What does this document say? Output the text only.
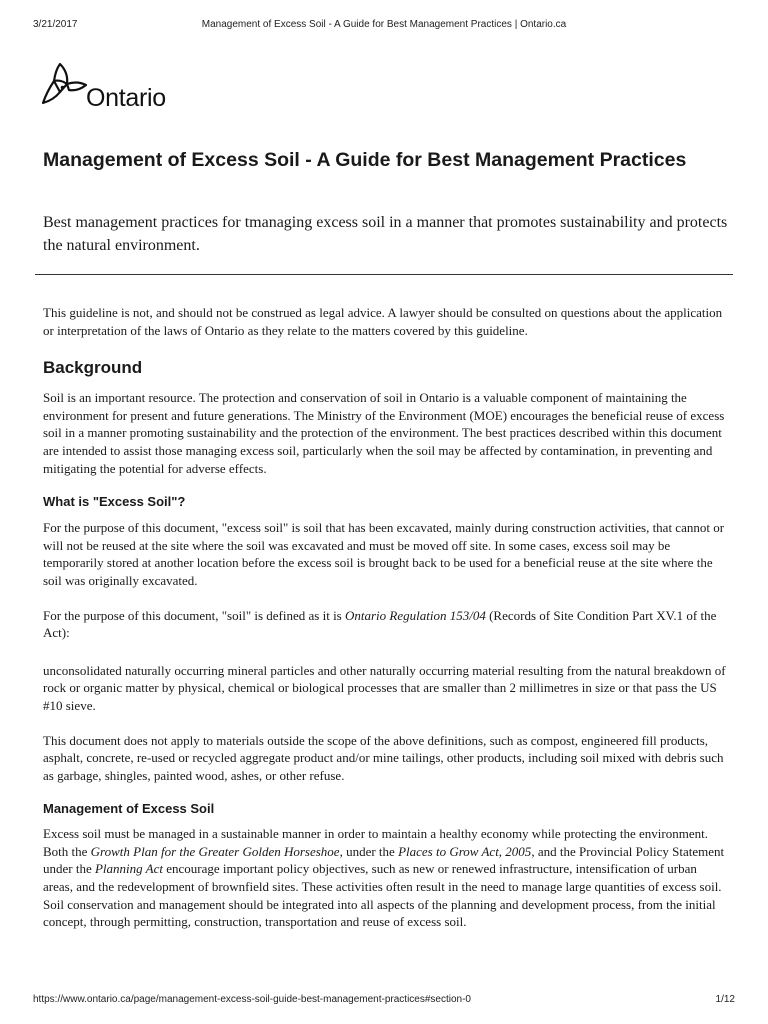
3/21/2017	Management of Excess Soil - A Guide for Best Management Practices | Ontario.ca
Ontario
Management of Excess Soil - A Guide for Best Management Practices

Best management practices for tmanaging excess soil in a manner that promotes sustainability and protects the natural environment.

This guideline is not, and should not be construed as legal advice. A lawyer should be consulted on questions about the application or interpretation of the laws of Ontario as they relate to the matters covered by this guideline.

Background

Soil is an important resource. The protection and conservation of soil in Ontario is a valuable component of maintaining the environment for present and future generations. The Ministry of the Environment (MOE) encourages the beneficial reuse of excess soil in a manner promoting sustainability and the protection of the environment. The best practices described within this document are intended to assist those managing excess soil, particularly when the soil may be affected by contamination, in preventing and mitigating the potential for adverse effects.

What is "Excess Soil"?

For the purpose of this document, "excess soil" is soil that has been excavated, mainly during construction activities, that cannot or will not be reused at the site where the soil was excavated and must be moved off site. In some cases, excess soil may be temporarily stored at another location before the excess soil is brought back to be used for a beneficial reuse at the site where the soil was originally excavated.

For the purpose of this document, "soil" is defined as it is Ontario Regulation 153/04 (Records of Site Condition Part XV.1 of the Act):

unconsolidated naturally occurring mineral particles and other naturally occurring material resulting from the natural breakdown of rock or organic matter by physical, chemical or biological processes that are smaller than 2 millimetres in size or that pass the US #10 sieve.

This document does not apply to materials outside the scope of the above definitions, such as compost, engineered fill products, asphalt, concrete, re-used or recycled aggregate product and/or mine tailings, other products, including soil mixed with debris such as garbage, shingles, painted wood, ashes, or other refuse.

Management of Excess Soil

Excess soil must be managed in a sustainable manner in order to maintain a healthy economy while protecting the environment. Both the Growth Plan for the Greater Golden Horseshoe, under the Places to Grow Act, 2005, and the Provincial Policy Statement under the Planning Act encourage important policy objectives, such as new or renewed infrastructure, intensification of urban areas, and the redevelopment of brownfield sites. These activities often result in the need to manage large quantities of excess soil. Soil conservation and management should be integrated into all aspects of the planning and development process, from the initial concept, through permitting, construction, transportation and reuse of excess soil.

https://www.ontario.ca/page/management-excess-soil-guide-best-management-practices#section-0	1/12
